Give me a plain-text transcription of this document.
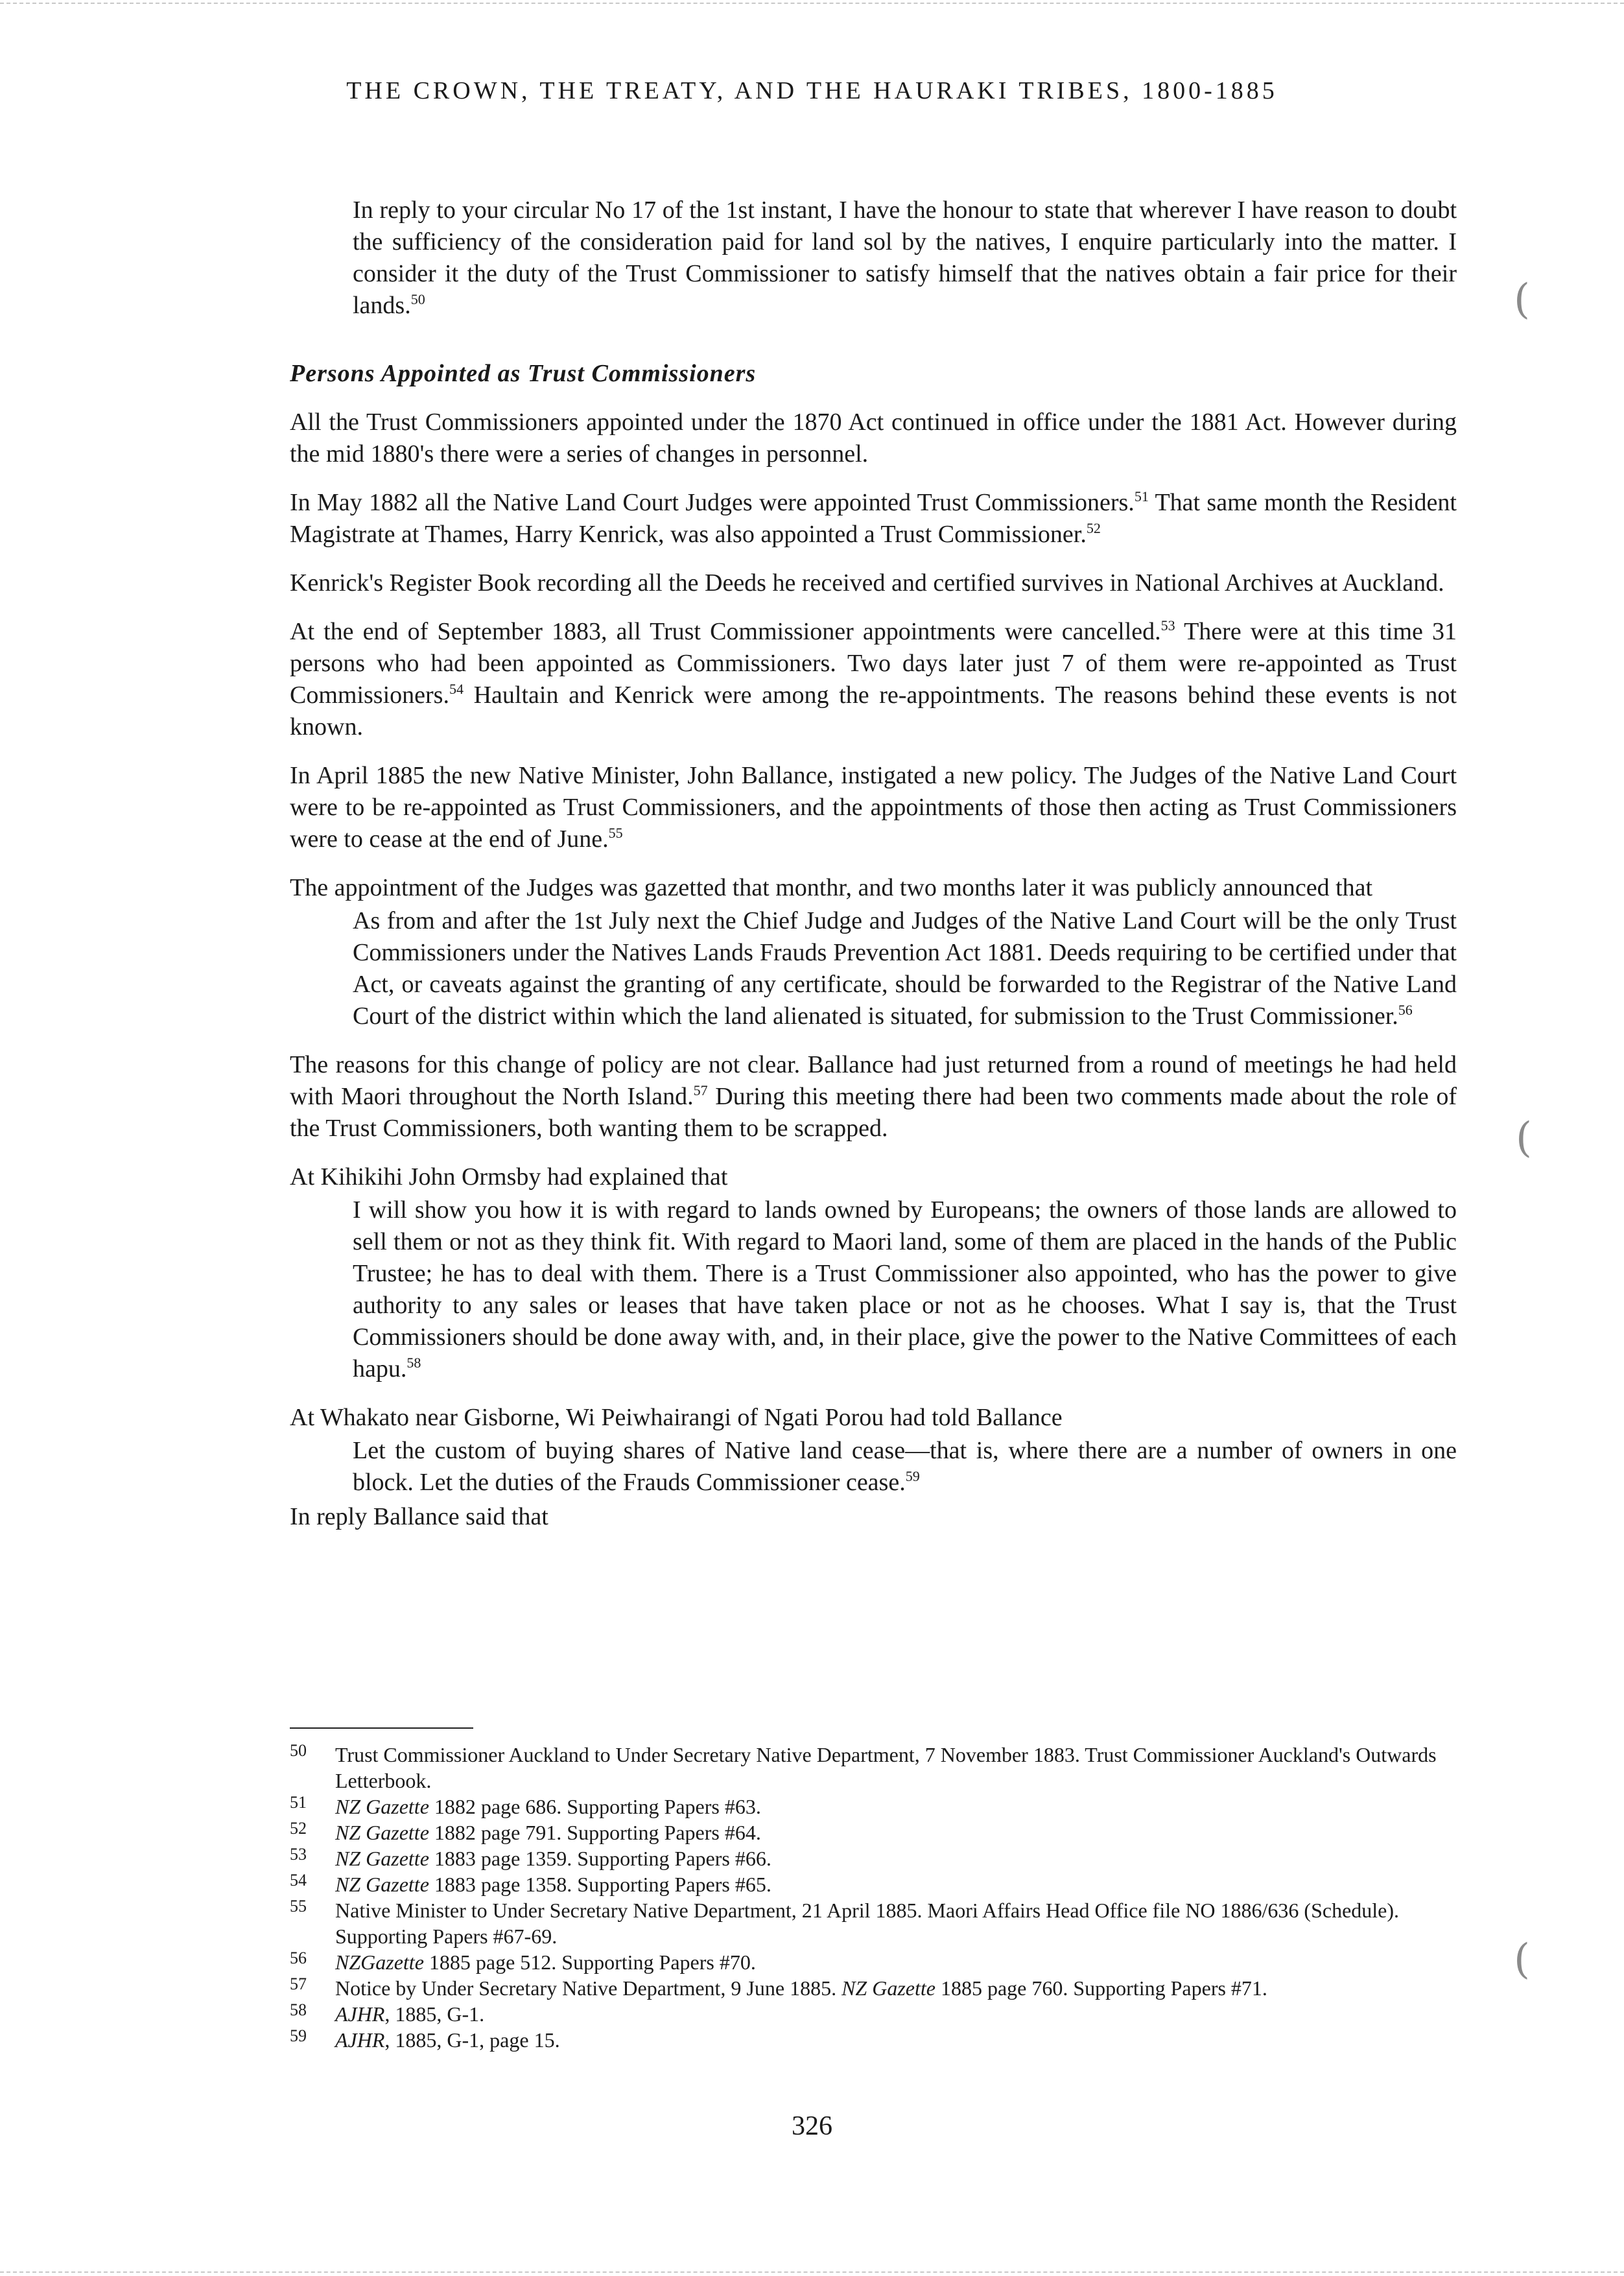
THE CROWN, THE TREATY, AND THE HAURAKI TRIBES, 1800-1885
In reply to your circular No 17 of the 1st instant, I have the honour to state that wherever I have reason to doubt the sufficiency of the consideration paid for land sol by the natives, I enquire particularly into the matter. I consider it the duty of the Trust Commissioner to satisfy himself that the natives obtain a fair price for their lands.$^{50}$
Persons Appointed as Trust Commissioners

All the Trust Commissioners appointed under the 1870 Act continued in office under the 1881 Act. However during the mid 1880's there were a series of changes in personnel.

In May 1882 all the Native Land Court Judges were appointed Trust Commissioners.$^{51}$ That same month the Resident Magistrate at Thames, Harry Kenrick, was also appointed a Trust Commissioner.$^{52}$

Kenrick's Register Book recording all the Deeds he received and certified survives in National Archives at Auckland.

At the end of September 1883, all Trust Commissioner appointments were cancelled.$^{53}$ There were at this time 31 persons who had been appointed as Commissioners. Two days later just 7 of them were re-appointed as Trust Commissioners.$^{54}$ Haultain and Kenrick were among the re-appointments. The reasons behind these events is not known.

In April 1885 the new Native Minister, John Ballance, instigated a new policy. The Judges of the Native Land Court were to be re-appointed as Trust Commissioners, and the appointments of those then acting as Trust Commissioners were to cease at the end of June.$^{55}$

The appointment of the Judges was gazetted that monthr, and two months later it was publicly announced that

As from and after the 1st July next the Chief Judge and Judges of the Native Land Court will be the only Trust Commissioners under the Natives Lands Frauds Prevention Act 1881. Deeds requiring to be certified under that Act, or caveats against the granting of any certificate, should be forwarded to the Registrar of the Native Land Court of the district within which the land alienated is situated, for submission to the Trust Commissioner.$^{56}$

The reasons for this change of policy are not clear. Ballance had just returned from a round of meetings he had held with Maori throughout the North Island.$^{57}$ During this meeting there had been two comments made about the role of the Trust Commissioners, both wanting them to be scrapped.

At Kihikihi John Ormsby had explained that

I will show you how it is with regard to lands owned by Europeans; the owners of those lands are allowed to sell them or not as they think fit. With regard to Maori land, some of them are placed in the hands of the Public Trustee; he has to deal with them. There is a Trust Commissioner also appointed, who has the power to give authority to any sales or leases that have taken place or not as he chooses. What I say is, that the Trust Commissioners should be done away with, and, in their place, give the power to the Native Committees of each hapu.$^{58}$

At Whakato near Gisborne, Wi Peiwhairangi of Ngati Porou had told Ballance

Let the custom of buying shares of Native land cease—that is, where there are a number of owners in one block. Let the duties of the Frauds Commissioner cease.$^{59}$

In reply Ballance said that

50 Trust Commissioner Auckland to Under Secretary Native Department, 7 November 1883. Trust Commissioner Auckland's Outwards Letterbook.

51 NZ Gazette 1882 page 686. Supporting Papers #63.

52 NZ Gazette 1882 page 791. Supporting Papers #64.

53 NZ Gazette 1883 page 1359. Supporting Papers #66.

54 NZ Gazette 1883 page 1358. Supporting Papers #65.

55 Native Minister to Under Secretary Native Department, 21 April 1885. Maori Affairs Head Office file NO 1886/636 (Schedule). Supporting Papers #67-69.

56 NZGazette 1885 page 512. Supporting Papers #70.

57 Notice by Under Secretary Native Department, 9 June 1885. NZ Gazette 1885 page 760. Supporting Papers #71.

58 AJHR, 1885, G-1.

59 AJHR, 1885, G-1, page 15.

326
(
(
(
